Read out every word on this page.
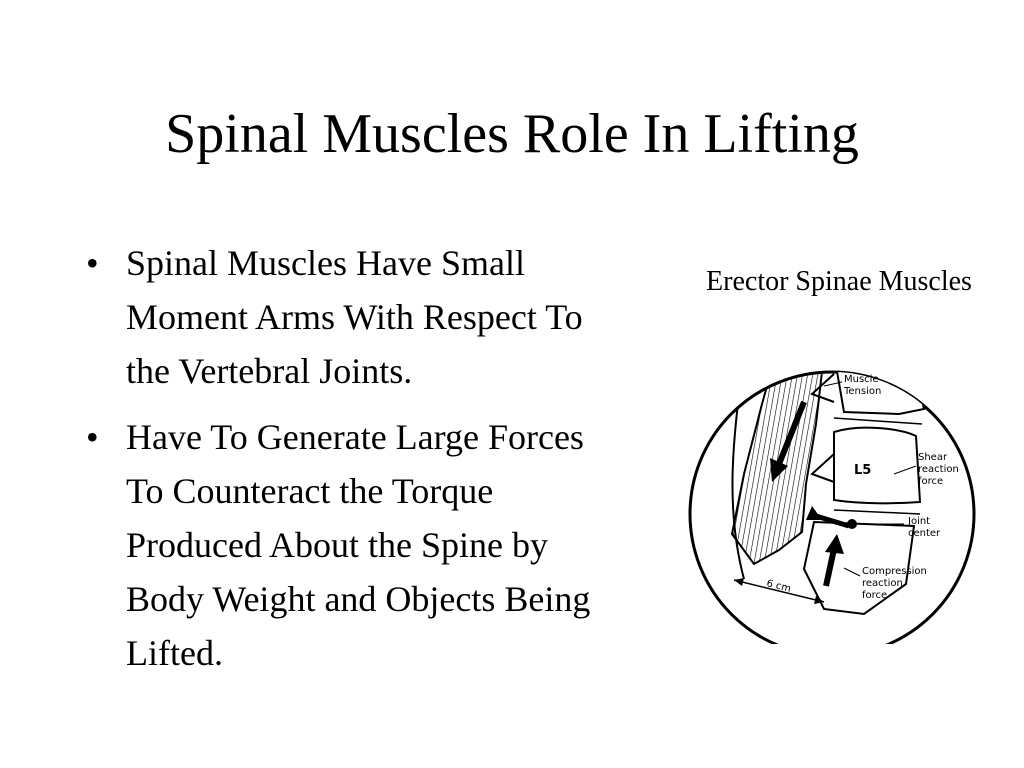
Spinal Muscles Role In Lifting
• Spinal Muscles Have Small Moment Arms With Respect To the Vertebral Joints.
• Have To Generate Large Forces To Counteract the Torque Produced About the Spine by Body Weight and Objects Being Lifted.
Erector Spinae Muscles
Muscle
Tension
L5
Shear
reaction
force
Joint
center
Compression
reaction
force
6 cm
